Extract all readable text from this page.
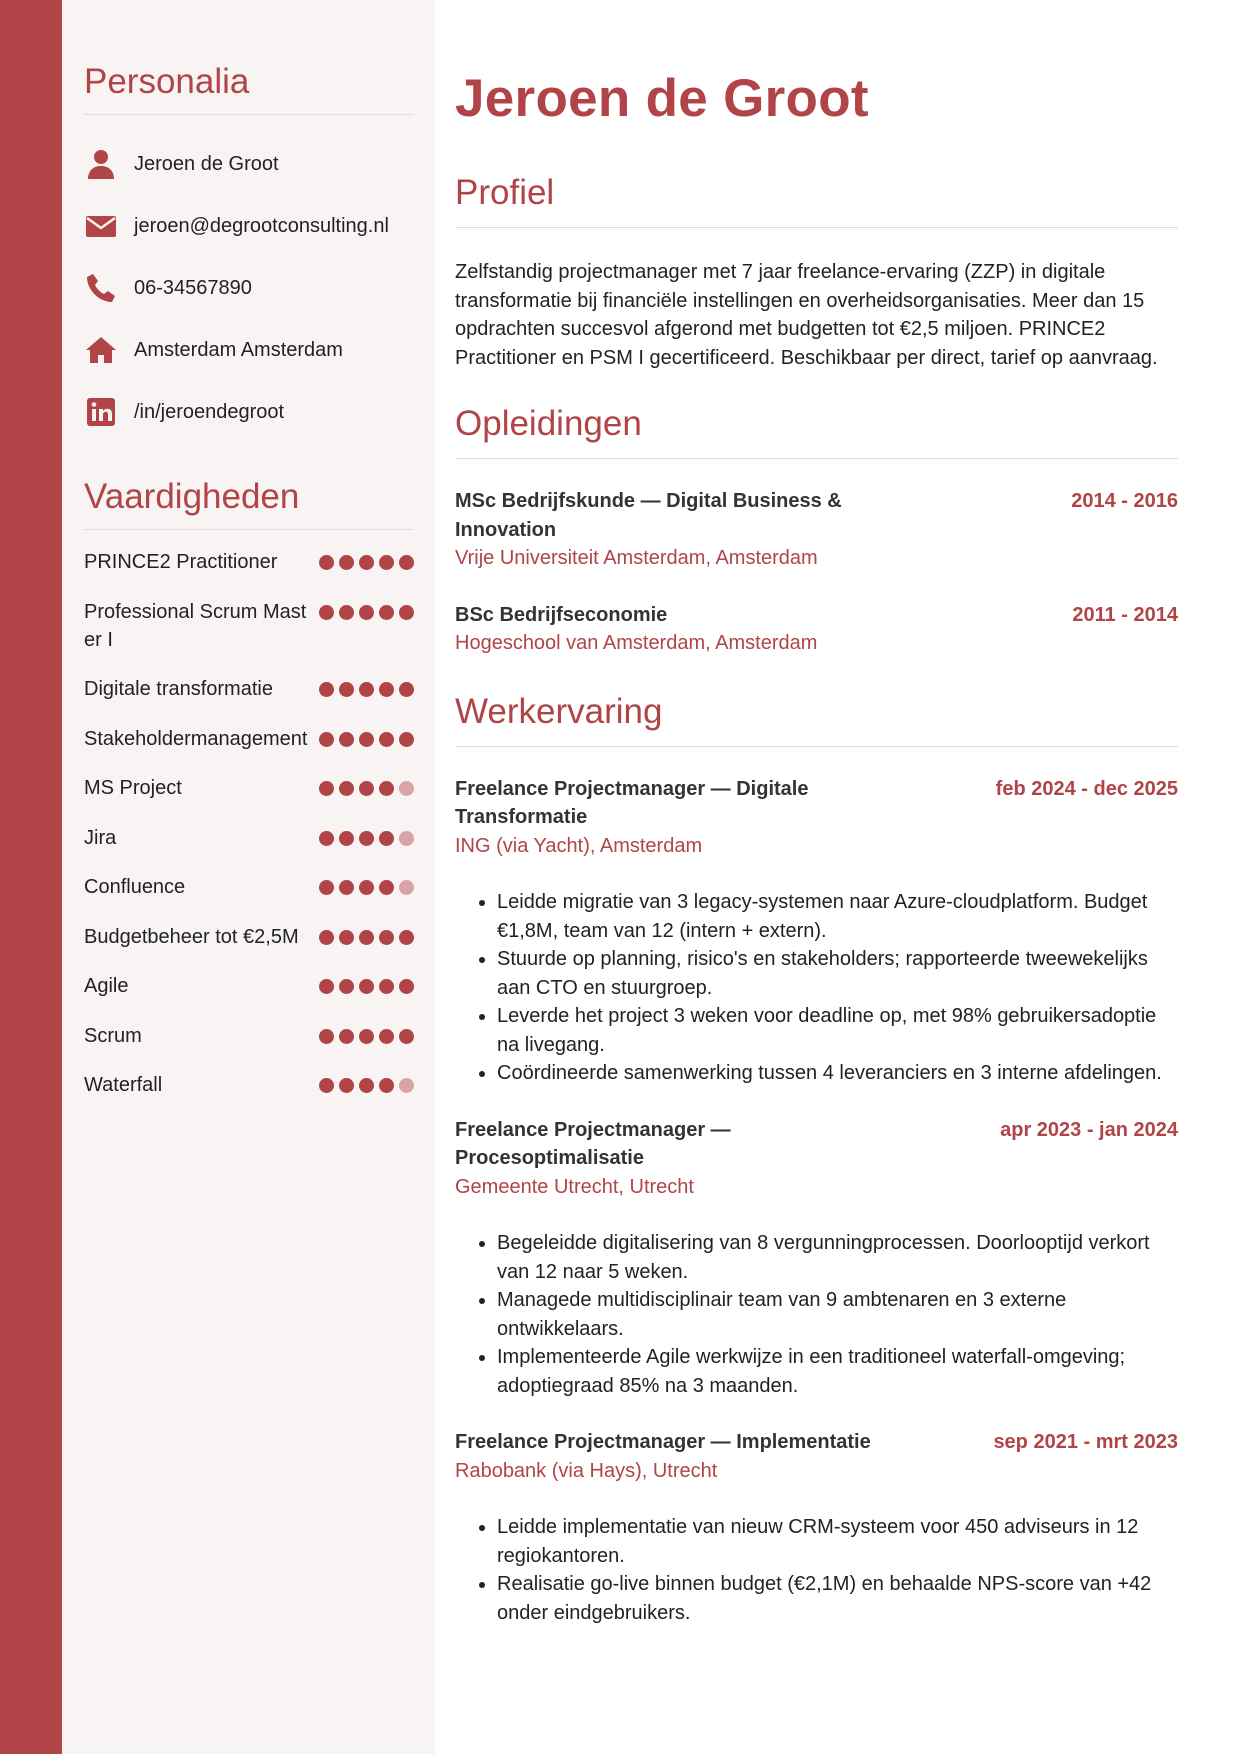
Personalia
Jeroen de Groot
jeroen@degrootconsulting.nl
06-34567890
Amsterdam Amsterdam
/in/jeroendegroot
Vaardigheden
PRINCE2 Practitioner
Professional Scrum Master I
Digitale transformatie
Stakeholdermanagement
MS Project
Jira
Confluence
Budgetbeheer tot €2,5M
Agile
Scrum
Waterfall
Jeroen de Groot
Profiel

Zelfstandig projectmanager met 7 jaar freelance-ervaring (ZZP) in digitale transformatie bij financiële instellingen en overheidsorganisaties. Meer dan 15 opdrachten succesvol afgerond met budgetten tot €2,5 miljoen. PRINCE2 Practitioner en PSM I gecertificeerd. Beschikbaar per direct, tarief op aanvraag.

Opleidingen
MSc Bedrijfskunde — Digital Business & Innovation
2014 - 2016
Vrije Universiteit Amsterdam, Amsterdam
BSc Bedrijfseconomie	2011 - 2014
Hogeschool van Amsterdam, Amsterdam
Werkervaring
Freelance Projectmanager — Digitale Transformatie
feb 2024 - dec 2025
ING (via Yacht), Amsterdam
• Leidde migratie van 3 legacy-systemen naar Azure-cloudplatform. Budget €1,8M, team van 12 (intern + extern).
• Stuurde op planning, risico's en stakeholders; rapporteerde tweewekelijks aan CTO en stuurgroep.
• Leverde het project 3 weken voor deadline op, met 98% gebruikersadoptie na livegang.
• Coördineerde samenwerking tussen 4 leveranciers en 3 interne afdelingen.
Freelance Projectmanager — Procesoptimalisatie
apr 2023 - jan 2024
Gemeente Utrecht, Utrecht
• Begeleidde digitalisering van 8 vergunningprocessen. Doorlooptijd verkort van 12 naar 5 weken.
• Managede multidisciplinair team van 9 ambtenaren en 3 externe ontwikkelaars.
• Implementeerde Agile werkwijze in een traditioneel waterfall-omgeving; adoptiegraad 85% na 3 maanden.
Freelance Projectmanager — Implementatie	sep 2021 - mrt 2023
Rabobank (via Hays), Utrecht
• Leidde implementatie van nieuw CRM-systeem voor 450 adviseurs in 12 regiokantoren.
• Realisatie go-live binnen budget (€2,1M) en behaalde NPS-score van +42 onder eindgebruikers.
